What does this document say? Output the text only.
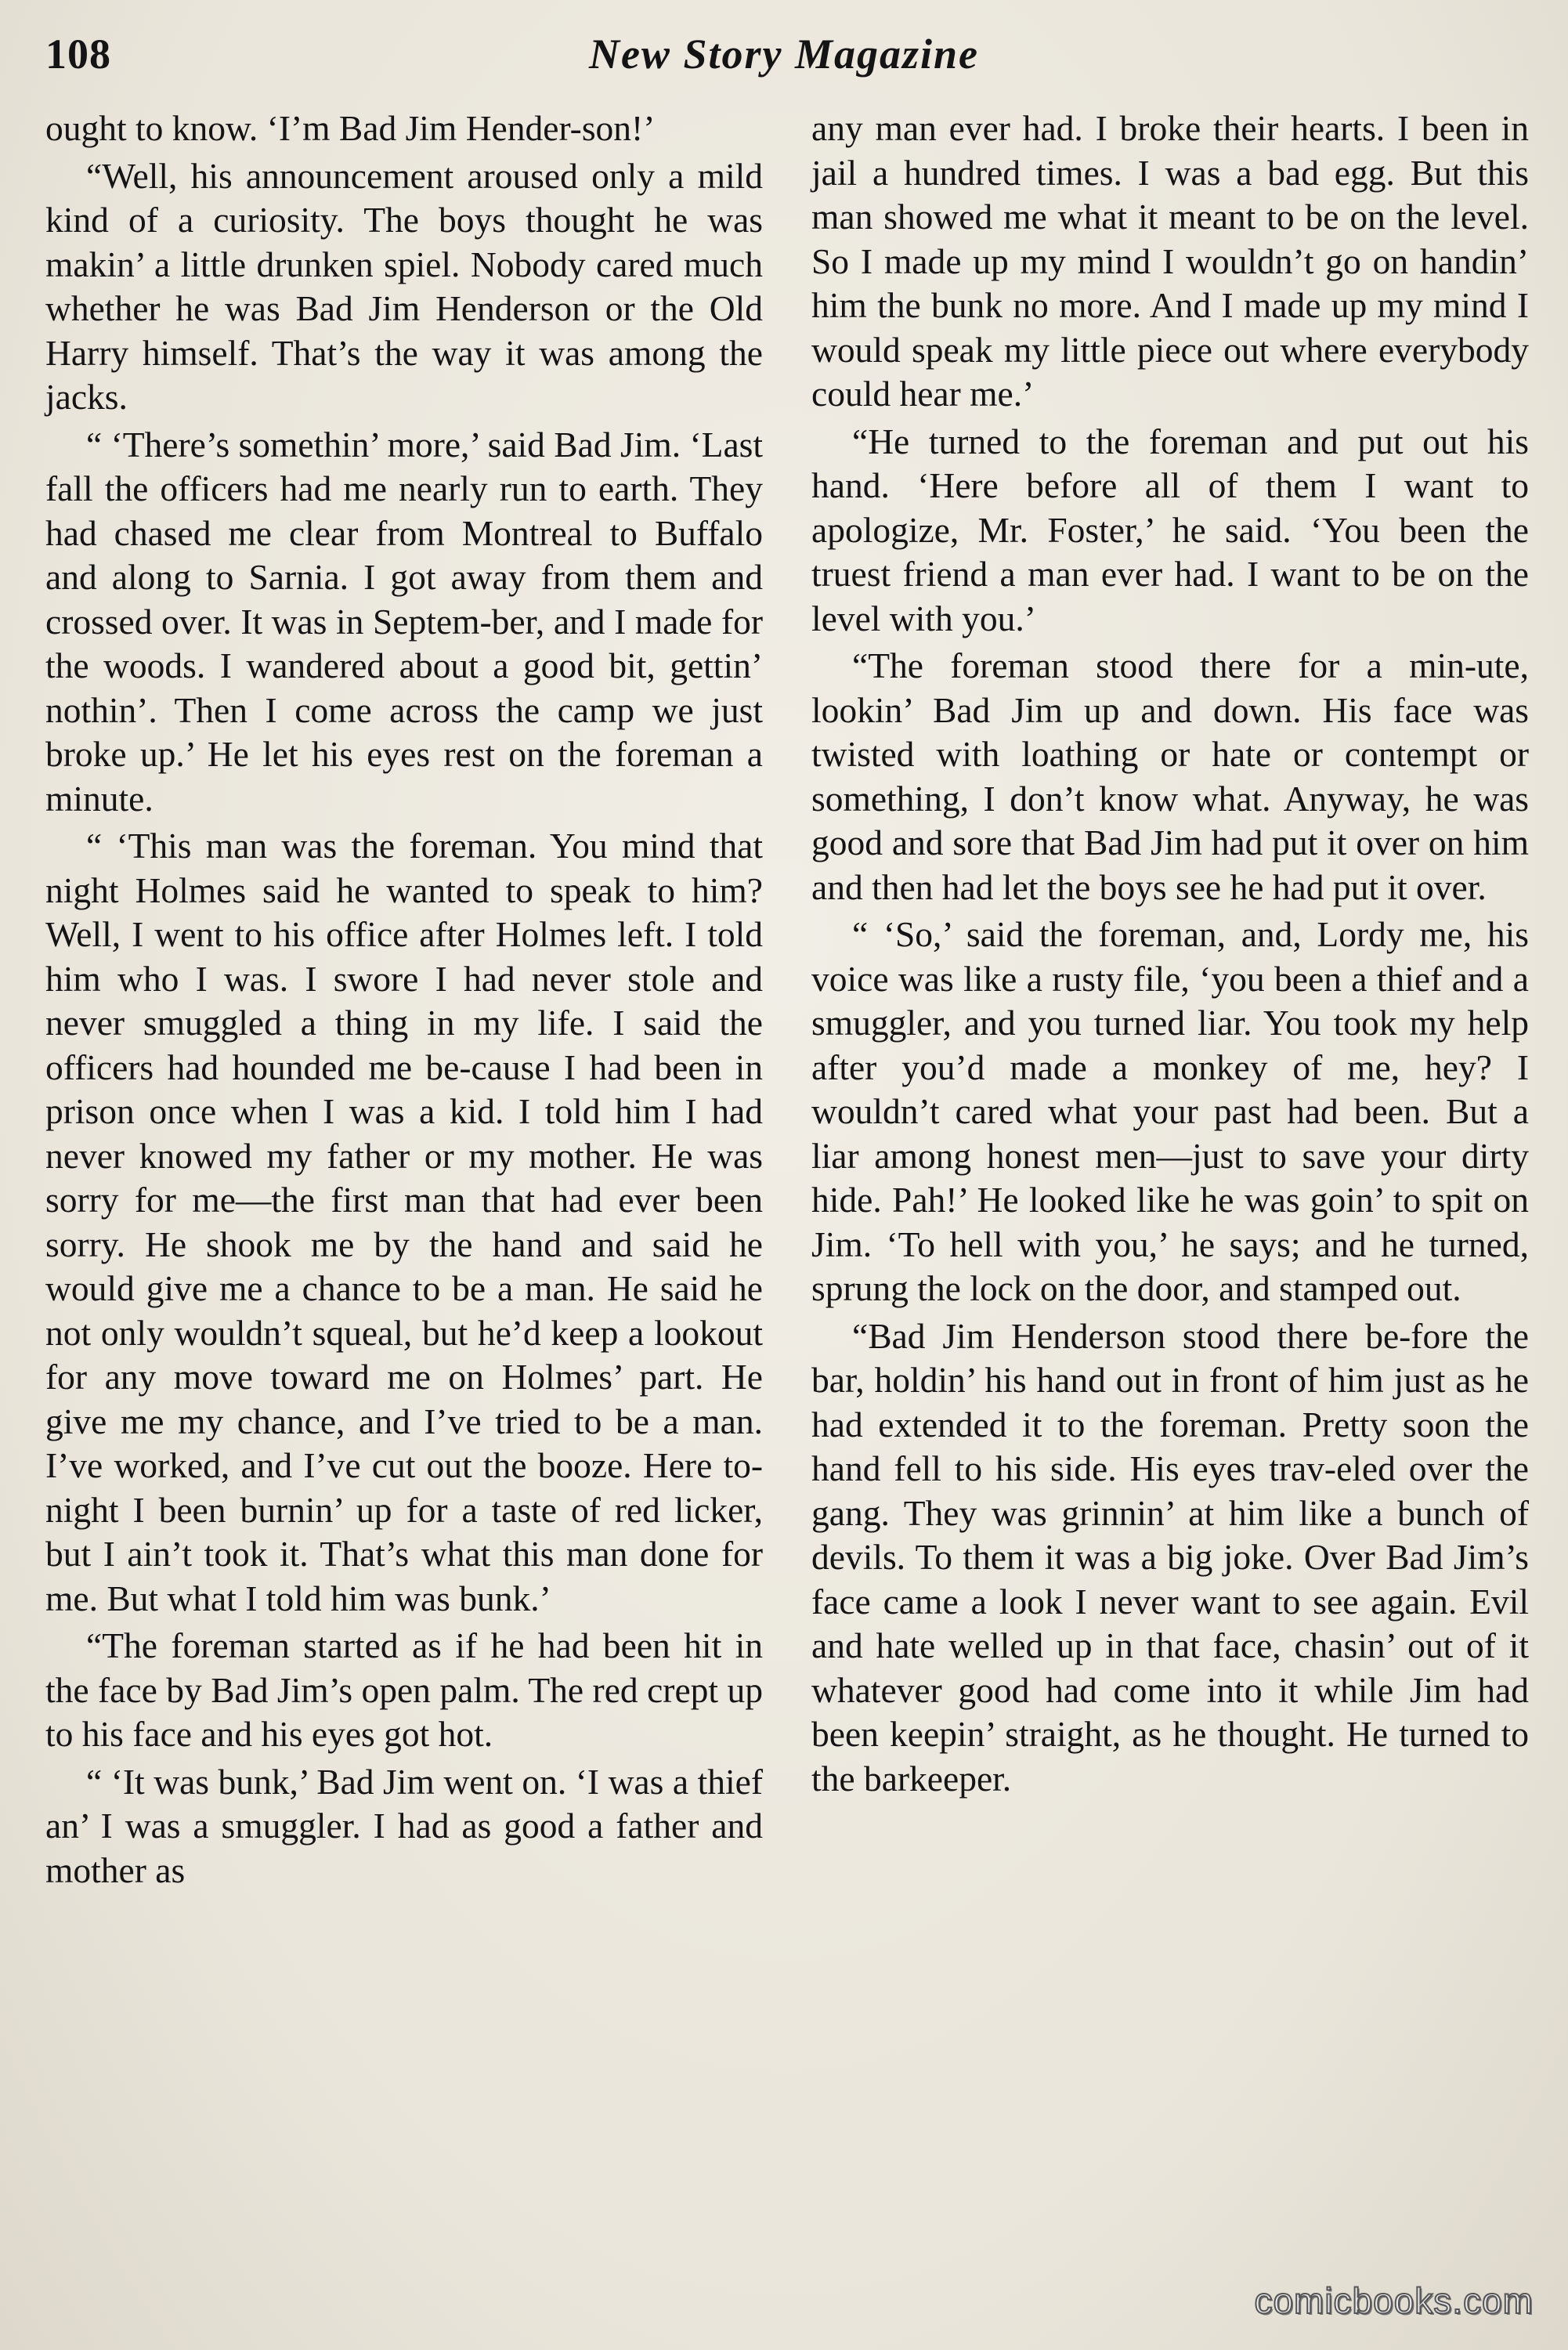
108	New Story Magazine

ought to know. ‘I’m Bad Jim Hender-son!’

“Well, his announcement aroused only a mild kind of a curiosity. The boys thought he was makin’ a little drunken spiel. Nobody cared much whether he was Bad Jim Henderson or the Old Harry himself. That’s the way it was among the jacks.

“ ‘There’s somethin’ more,’ said Bad Jim. ‘Last fall the officers had me nearly run to earth. They had chased me clear from Montreal to Buffalo and along to Sarnia. I got away from them and crossed over. It was in Septem-ber, and I made for the woods. I wandered about a good bit, gettin’ nothin’. Then I come across the camp we just broke up.’ He let his eyes rest on the foreman a minute.

“ ‘This man was the foreman. You mind that night Holmes said he wanted to speak to him? Well, I went to his office after Holmes left. I told him who I was. I swore I had never stole and never smuggled a thing in my life. I said the officers had hounded me be-cause I had been in prison once when I was a kid. I told him I had never knowed my father or my mother. He was sorry for me—the first man that had ever been sorry. He shook me by the hand and said he would give me a chance to be a man. He said he not only wouldn’t squeal, but he’d keep a lookout for any move toward me on Holmes’ part. He give me my chance, and I’ve tried to be a man. I’ve worked, and I’ve cut out the booze. Here to-night I been burnin’ up for a taste of red licker, but I ain’t took it. That’s what this man done for me. But what I told him was bunk.’

“The foreman started as if he had been hit in the face by Bad Jim’s open palm. The red crept up to his face and his eyes got hot.

“ ‘It was bunk,’ Bad Jim went on. ‘I was a thief an’ I was a smuggler. I had as good a father and mother as

any man ever had. I broke their hearts. I been in jail a hundred times. I was a bad egg. But this man showed me what it meant to be on the level. So I made up my mind I wouldn’t go on handin’ him the bunk no more. And I made up my mind I would speak my little piece out where everybody could hear me.’

“He turned to the foreman and put out his hand. ‘Here before all of them I want to apologize, Mr. Foster,’ he said. ‘You been the truest friend a man ever had. I want to be on the level with you.’

“The foreman stood there for a min-ute, lookin’ Bad Jim up and down. His face was twisted with loathing or hate or contempt or something, I don’t know what. Anyway, he was good and sore that Bad Jim had put it over on him and then had let the boys see he had put it over.

“ ‘So,’ said the foreman, and, Lordy me, his voice was like a rusty file, ‘you been a thief and a smuggler, and you turned liar. You took my help after you’d made a monkey of me, hey? I wouldn’t cared what your past had been. But a liar among honest men—just to save your dirty hide. Pah!’ He looked like he was goin’ to spit on Jim. ‘To hell with you,’ he says; and he turned, sprung the lock on the door, and stamped out.

“Bad Jim Henderson stood there be-fore the bar, holdin’ his hand out in front of him just as he had extended it to the foreman. Pretty soon the hand fell to his side. His eyes trav-eled over the gang. They was grinnin’ at him like a bunch of devils. To them it was a big joke. Over Bad Jim’s face came a look I never want to see again. Evil and hate welled up in that face, chasin’ out of it whatever good had come into it while Jim had been keepin’ straight, as he thought. He turned to the barkeeper.

comicbooks.com
